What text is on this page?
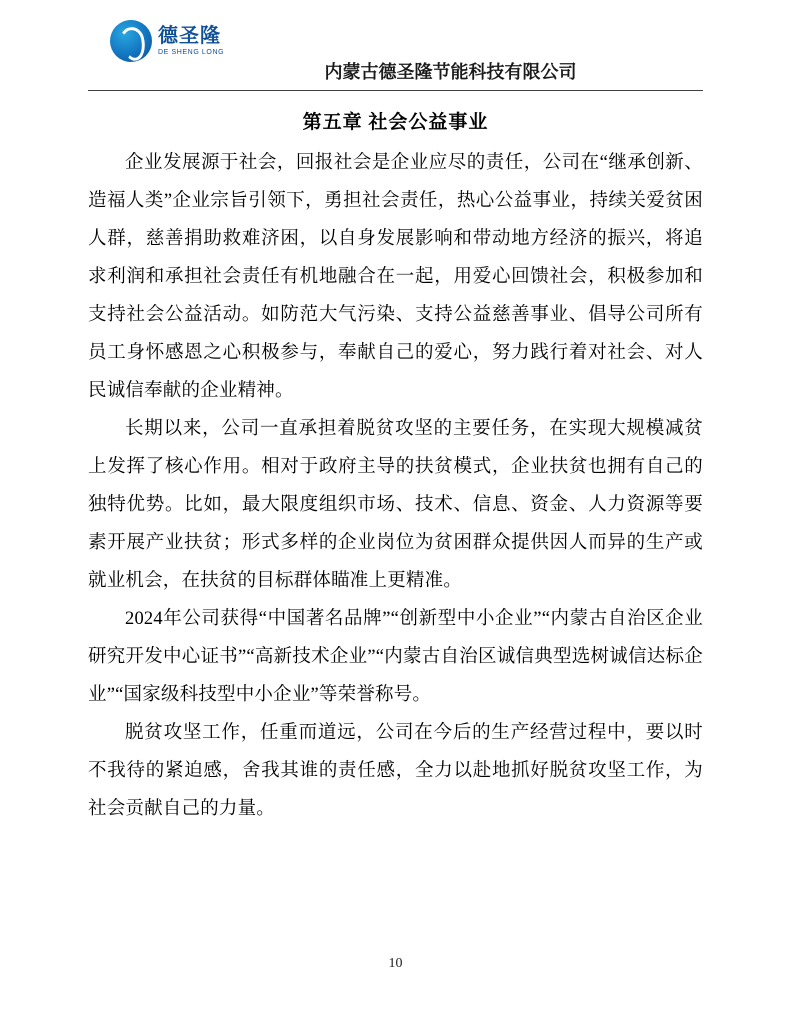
德圣隆
DE SHENG LONG
内蒙古德圣隆节能科技有限公司
第五章 社会公益事业

企业发展源于社会，回报社会是企业应尽的责任，公司在“继承创新、造福人类”企业宗旨引领下，勇担社会责任，热心公益事业，持续关爱贫困人群，慈善捐助救难济困，以自身发展影响和带动地方经济的振兴，将追求利润和承担社会责任有机地融合在一起，用爱心回馈社会，积极参加和支持社会公益活动。如防范大气污染、支持公益慈善事业、倡导公司所有员工身怀感恩之心积极参与，奉献自己的爱心，努力践行着对社会、对人民诚信奉献的企业精神。

长期以来，公司一直承担着脱贫攻坚的主要任务，在实现大规模减贫上发挥了核心作用。相对于政府主导的扶贫模式，企业扶贫也拥有自己的独特优势。比如，最大限度组织市场、技术、信息、资金、人力资源等要素开展产业扶贫；形式多样的企业岗位为贫困群众提供因人而异的生产或就业机会，在扶贫的目标群体瞄准上更精准。

2024年公司获得“中国著名品牌”“创新型中小企业”“内蒙古自治区企业研究开发中心证书”“高新技术企业”“内蒙古自治区诚信典型选树诚信达标企业”“国家级科技型中小企业”等荣誉称号。

脱贫攻坚工作，任重而道远，公司在今后的生产经营过程中，要以时不我待的紧迫感，舍我其谁的责任感，全力以赴地抓好脱贫攻坚工作，为社会贡献自己的力量。

10
